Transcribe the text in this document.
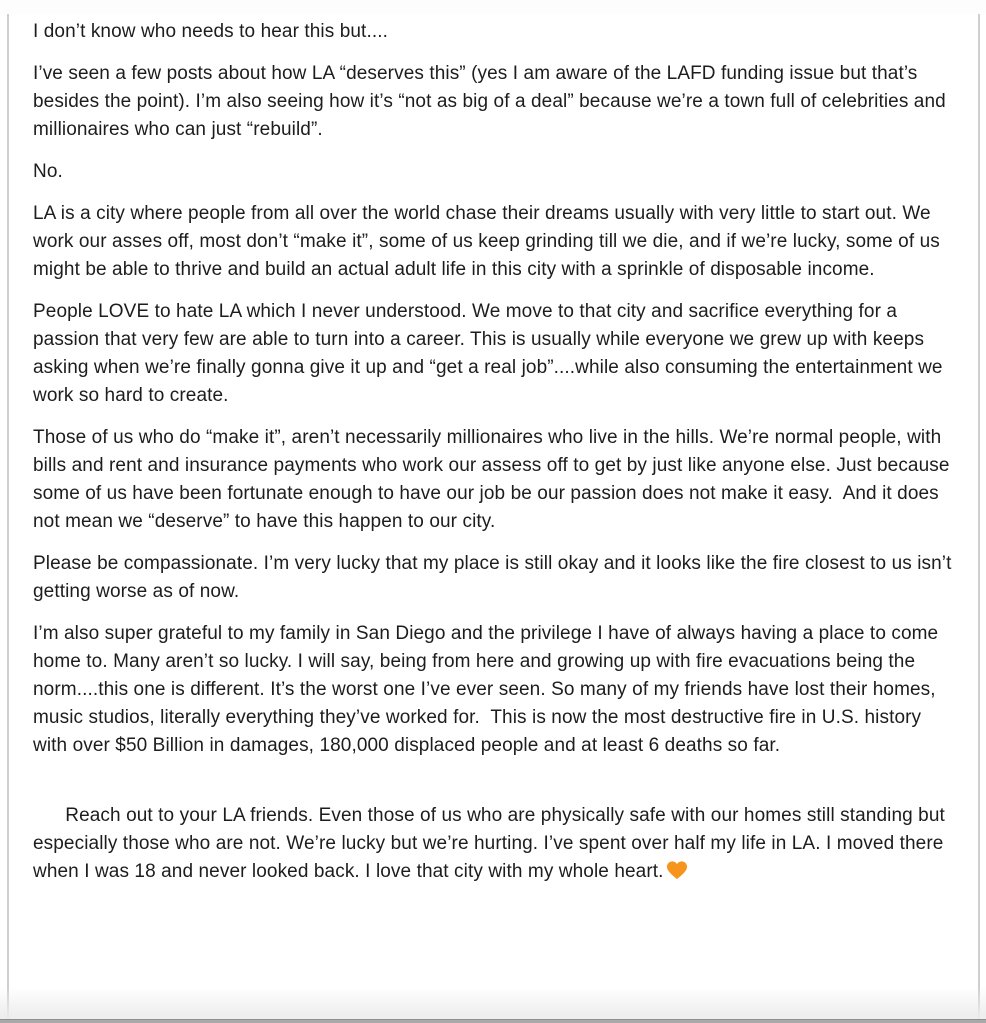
I don’t know who needs to hear this but....

I’ve seen a few posts about how LA “deserves this” (yes I am aware of the LAFD funding issue but that’s besides the point). I’m also seeing how it’s “not as big of a deal” because we’re a town full of celebrities and millionaires who can just “rebuild”.

No.

LA is a city where people from all over the world chase their dreams usually with very little to start out. We work our asses off, most don’t “make it”, some of us keep grinding till we die, and if we’re lucky, some of us might be able to thrive and build an actual adult life in this city with a sprinkle of disposable income.

People LOVE to hate LA which I never understood. We move to that city and sacrifice everything for a passion that very few are able to turn into a career. This is usually while everyone we grew up with keeps asking when we’re finally gonna give it up and “get a real job”....while also consuming the entertainment we work so hard to create.

Those of us who do “make it”, aren’t necessarily millionaires who live in the hills. We’re normal people, with bills and rent and insurance payments who work our assess off to get by just like anyone else. Just because some of us have been fortunate enough to have our job be our passion does not make it easy.  And it does not mean we “deserve” to have this happen to our city.

Please be compassionate. I’m very lucky that my place is still okay and it looks like the fire closest to us isn’t getting worse as of now.

I’m also super grateful to my family in San Diego and the privilege I have of always having a place to come home to. Many aren’t so lucky. I will say, being from here and growing up with fire evacuations being the norm....this one is different. It’s the worst one I’ve ever seen. So many of my friends have lost their homes, music studios, literally everything they’ve worked for.  This is now the most destructive fire in U.S. history with over $50 Billion in damages, 180,000 displaced people and at least 6 deaths so far.

Reach out to your LA friends. Even those of us who are physically safe with our homes still standing but especially those who are not. We’re lucky but we’re hurting. I’ve spent over half my life in LA. I moved there when I was 18 and never looked back. I love that city with my whole heart.
